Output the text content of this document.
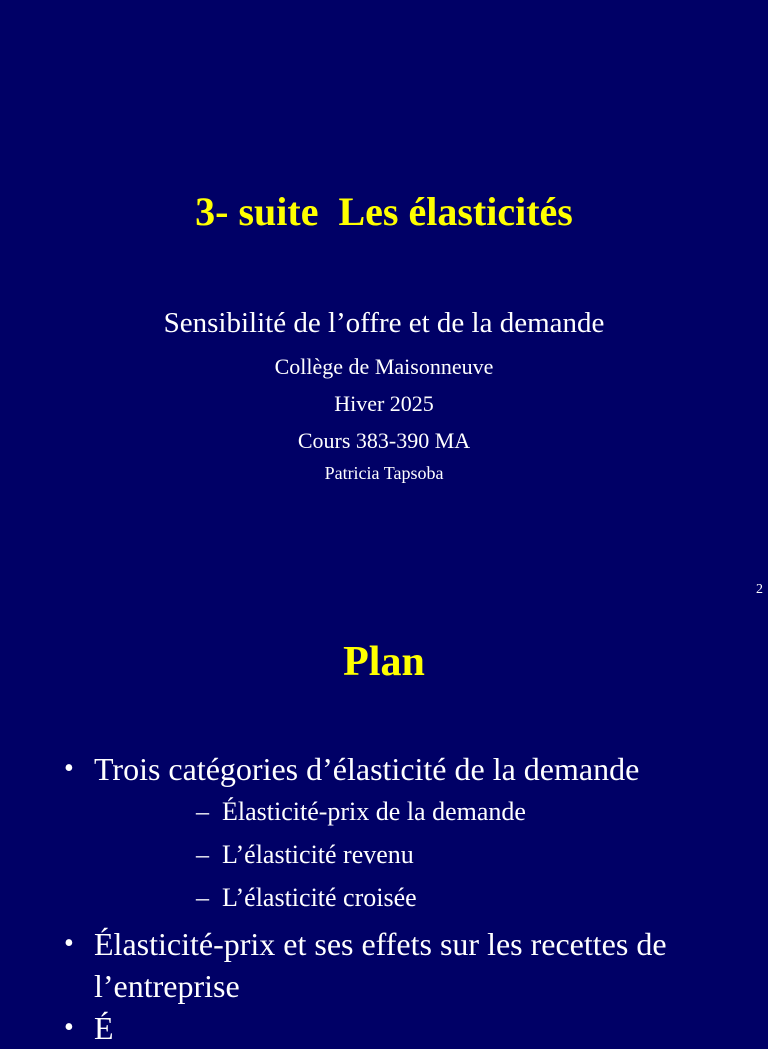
3- suite  Les élasticités

Sensibilité de l’offre et de la demande

Collège de Maisonneuve

Hiver 2025

Cours 383-390 MA

Patricia Tapsoba

2

Plan
• Trois catégories d’élasticité de la demande
– Élasticité-prix de la demande
– L’élasticité revenu
– L’élasticité croisée
• Élasticité-prix et ses effets sur les recettes de l’entreprise
• É
